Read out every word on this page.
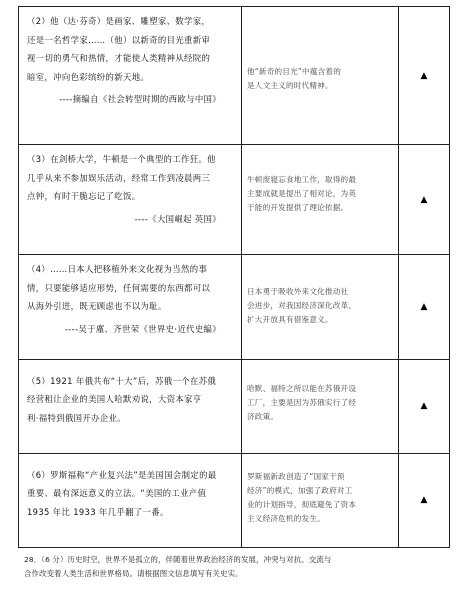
（2）他（达·芬奇）是画家、雕塑家、数学家，
还是一名哲学家……（他）以新奇的目光重新审
视一切的勇气和热情，才能使人类精神从经院的
暗室，冲向色彩缤纷的新天地。
----摘编自《社会转型时期的西欧与中国》	他“新奇的目光”中蕴含着的
是人文主义的时代精神。	▲

（3）在剑桥大学，牛顿是一个典型的工作狂。他
几乎从来不参加娱乐活动，经常工作到凌晨两三
点钟，有时干脆忘记了吃饭。
----《大国崛起 英国》	牛顿废寝忘食地工作，取得的最
主要成就是提出了相对论，为英
于能的开发提供了理论依据。	▲

（4）……日本人把移植外来文化视为当然的事
情，只要能够适应形势，任何需要的东西都可以
从海外引进，既无顾虑也不以为耻。
----吴于廑、齐世荣《世界史·近代史编》	日本勇于吸收外来文化推动社
会进步，对我国经济深化改革、
扩大开放具有借鉴意义。	▲

（5）1921 年俄共布“十大”后，苏俄一个在苏俄
经营租让企业的美国人哈默劝说，大资本家亨
利·福特到俄国开办企业。	哈默、福特之所以能在苏俄开设
工厂，主要是因为苏俄实行了经
济政策。	▲

（6）罗斯福称“产业复兴法”是美国国会制定的最
重要、最有深远意义的立法。“美国的工业产值
1935 年比 1933 年几乎翻了一番。	罗斯福新政创造了“国家干预
经济”的模式，加强了政府对工
业的计划指导，彻底避免了资本
主义经济危机的发生。	▲
28．（6 分）历史时空，世界不是孤立的，伴随着世界政治经济的发展，冲突与对抗、交流与
合作改变着人类生活和世界格局。请根据图文信息填写有关史实。
